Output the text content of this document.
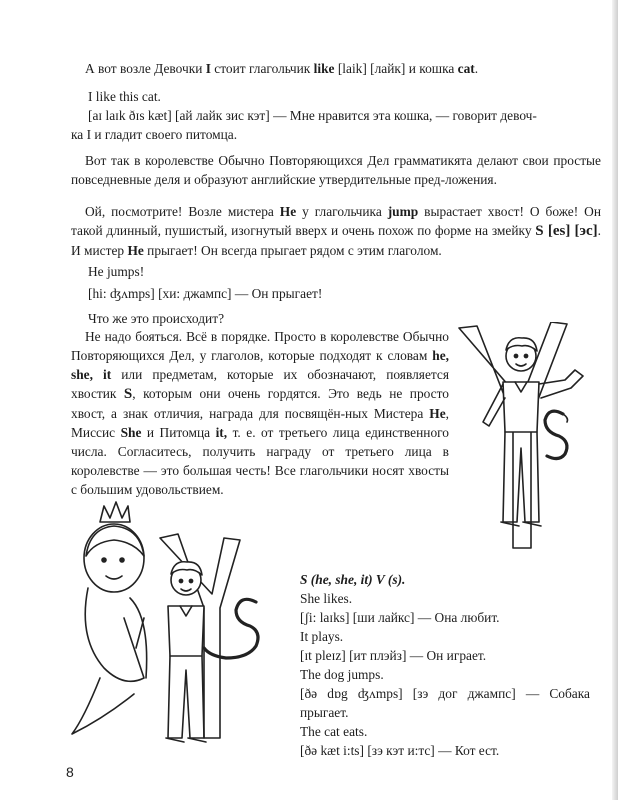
А вот возле Девочки I стоит глагольчик like [laik] [лайк] и кошка cat.

I like this cat.

[aɪ laɪk ðɪs kæt] [ай лайк зис кэт] — Мне нравится эта кошка, — говорит девоч-

ка I и гладит своего питомца.

Вот так в королевстве Обычно Повторяющихся Дел грамматикята делают свои простые повседневные деля и образуют английские утвердительные пред-ложения.

Ой, посмотрите! Возле мистера He у глагольчика jump вырастает хвост! О боже! Он такой длинный, пушистый, изогнутый вверх и очень похож по форме на змейку S [es] [эс]. И мистер He прыгает! Он всегда прыгает рядом с этим глаголом.

He jumps!

[hi: ʤʌmps] [хи: джампс] — Он прыгает!

Что же это происходит?

Не надо бояться. Всё в порядке. Просто в королевстве Обычно Повторяющихся Дел, у глаголов, которые подходят к словам he, she, it или предметам, которые их обозначают, появляется хвостик S, которым они очень гордятся. Это ведь не просто хвост, а знак отличия, награда для посвящён-ных Мистера He, Миссис She и Питомца it, т. е. от третьего лица единственного числа. Согласитесь, получить награду от третьего лица в королевстве — это большая честь! Все глагольчики носят хвосты с большим удовольствием.

S (he, she, it) V (s).

She likes.

[ʃi: laɪks] [ши лайкс] — Она любит.

It plays.

[ɪt pleɪz] [ит плэйз] — Он играет.

The dog jumps.

[ðə dɒg ʤʌmps] [зэ дог джампс] — Собака прыгает.

The cat eats.

[ðə kæt i:ts] [зэ кэт и:тс] — Кот ест.

8
